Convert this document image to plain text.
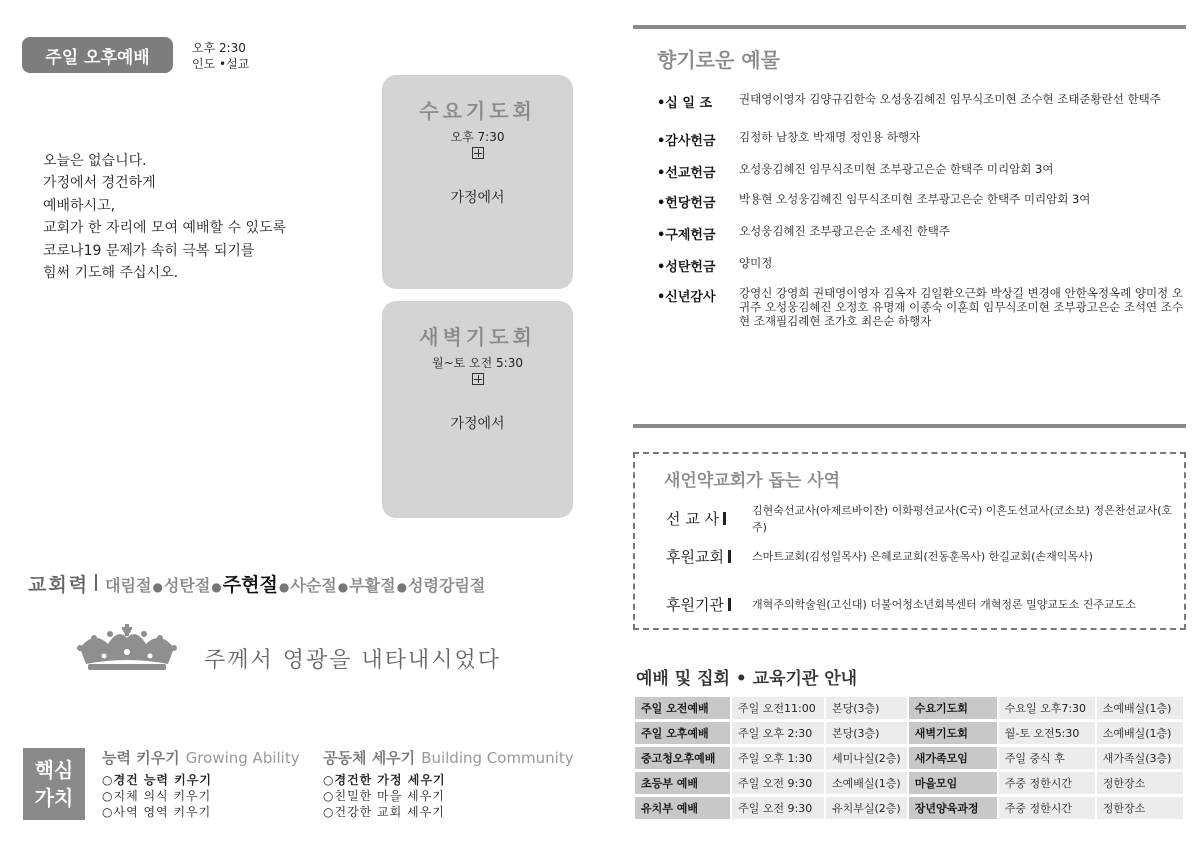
주일 오후예배	오후 2:30
인도 •설교
오늘은 없습니다.
가정에서 경건하게
예배하시고,
교회가 한 자리에 모여 예배할 수 있도록
코로나19 문제가 속히 극복 되기를
힘써 기도해 주십시오.
수요기도회
오후 7:30
가정에서
새벽기도회
월~토 오전 5:30
가정에서
교회력 대림절 ● 성탄절 ● 주현절 ● 사순절 ● 부활절 ● 성령강림절
주께서 영광을 내타내시었다
핵심
가치
능력 키우기 Growing Ability
○경건 능력 키우기
○지체 의식 키우기
○사역 영역 키우기
공동체 세우기 Building Community
○경건한 가정 세우기
○친밀한 마을 세우기
○건강한 교회 세우기
향기로운 예물
•십 일 조	권태영이영자 김양규김한숙 오성웅김혜진 임무식조미현 조수현 조태준황란선 한택주
•감사헌금	김정하 남창호 박재명 정인용 하행자
•선교헌금	오성웅김혜진 임무식조미현 조부광고은순 한택주 미리암회 3여
•헌당헌금	박용현 오성웅김혜진 임무식조미현 조부광고은순 한택주 미리암회 3여
•구제헌금	오성웅김혜진 조부광고은순 조세진 한택주
•성탄헌금	양미정
•신년감사	강영신 강영희 권태영이영자 김옥자 김일환오근화 박상길 변경애 안한옥정옥례 양미정 오귀주 오성웅김혜진 오정호 유명재 이종숙 이훈희 임무식조미현 조부광고은순 조석연 조수현 조재필김례현 조가호 최은순 하행자
새언약교회가 돕는 사역
선 교 사	김현숙선교사(아제르바이잔) 이화평선교사(C국) 이흔도선교사(코소보) 정은찬선교사(호주)
후원교회	스마트교회(김성일목사) 은혜로교회(전동훈목사) 한길교회(손재익목사)
후원기관	개혁주의학술원(고신대) 더불어청소년회복센터 개혁정론 밀양교도소 진주교도소
예배 및 집회 • 교육기관 안내
주일 오전예배	주일 오전11:00	본당(3층)	수요기도회	수요일 오후7:30	소예배실(1층)
주일 오후예배	주일 오후 2:30	본당(3층)	새벽기도회	월-토 오전5:30	소예배실(1층)
중고청오후예배	주일 오후 1:30	세미나실(2층)	새가족모임	주일 중식 후	새가족실(3층)
초등부 예배	주일 오전 9:30	소예배실(1층)	마을모임	주중 정한시간	정한장소
유치부 예배	주일 오전 9:30	유치부실(2층)	장년양육과정	주중 정한시간	정한장소
